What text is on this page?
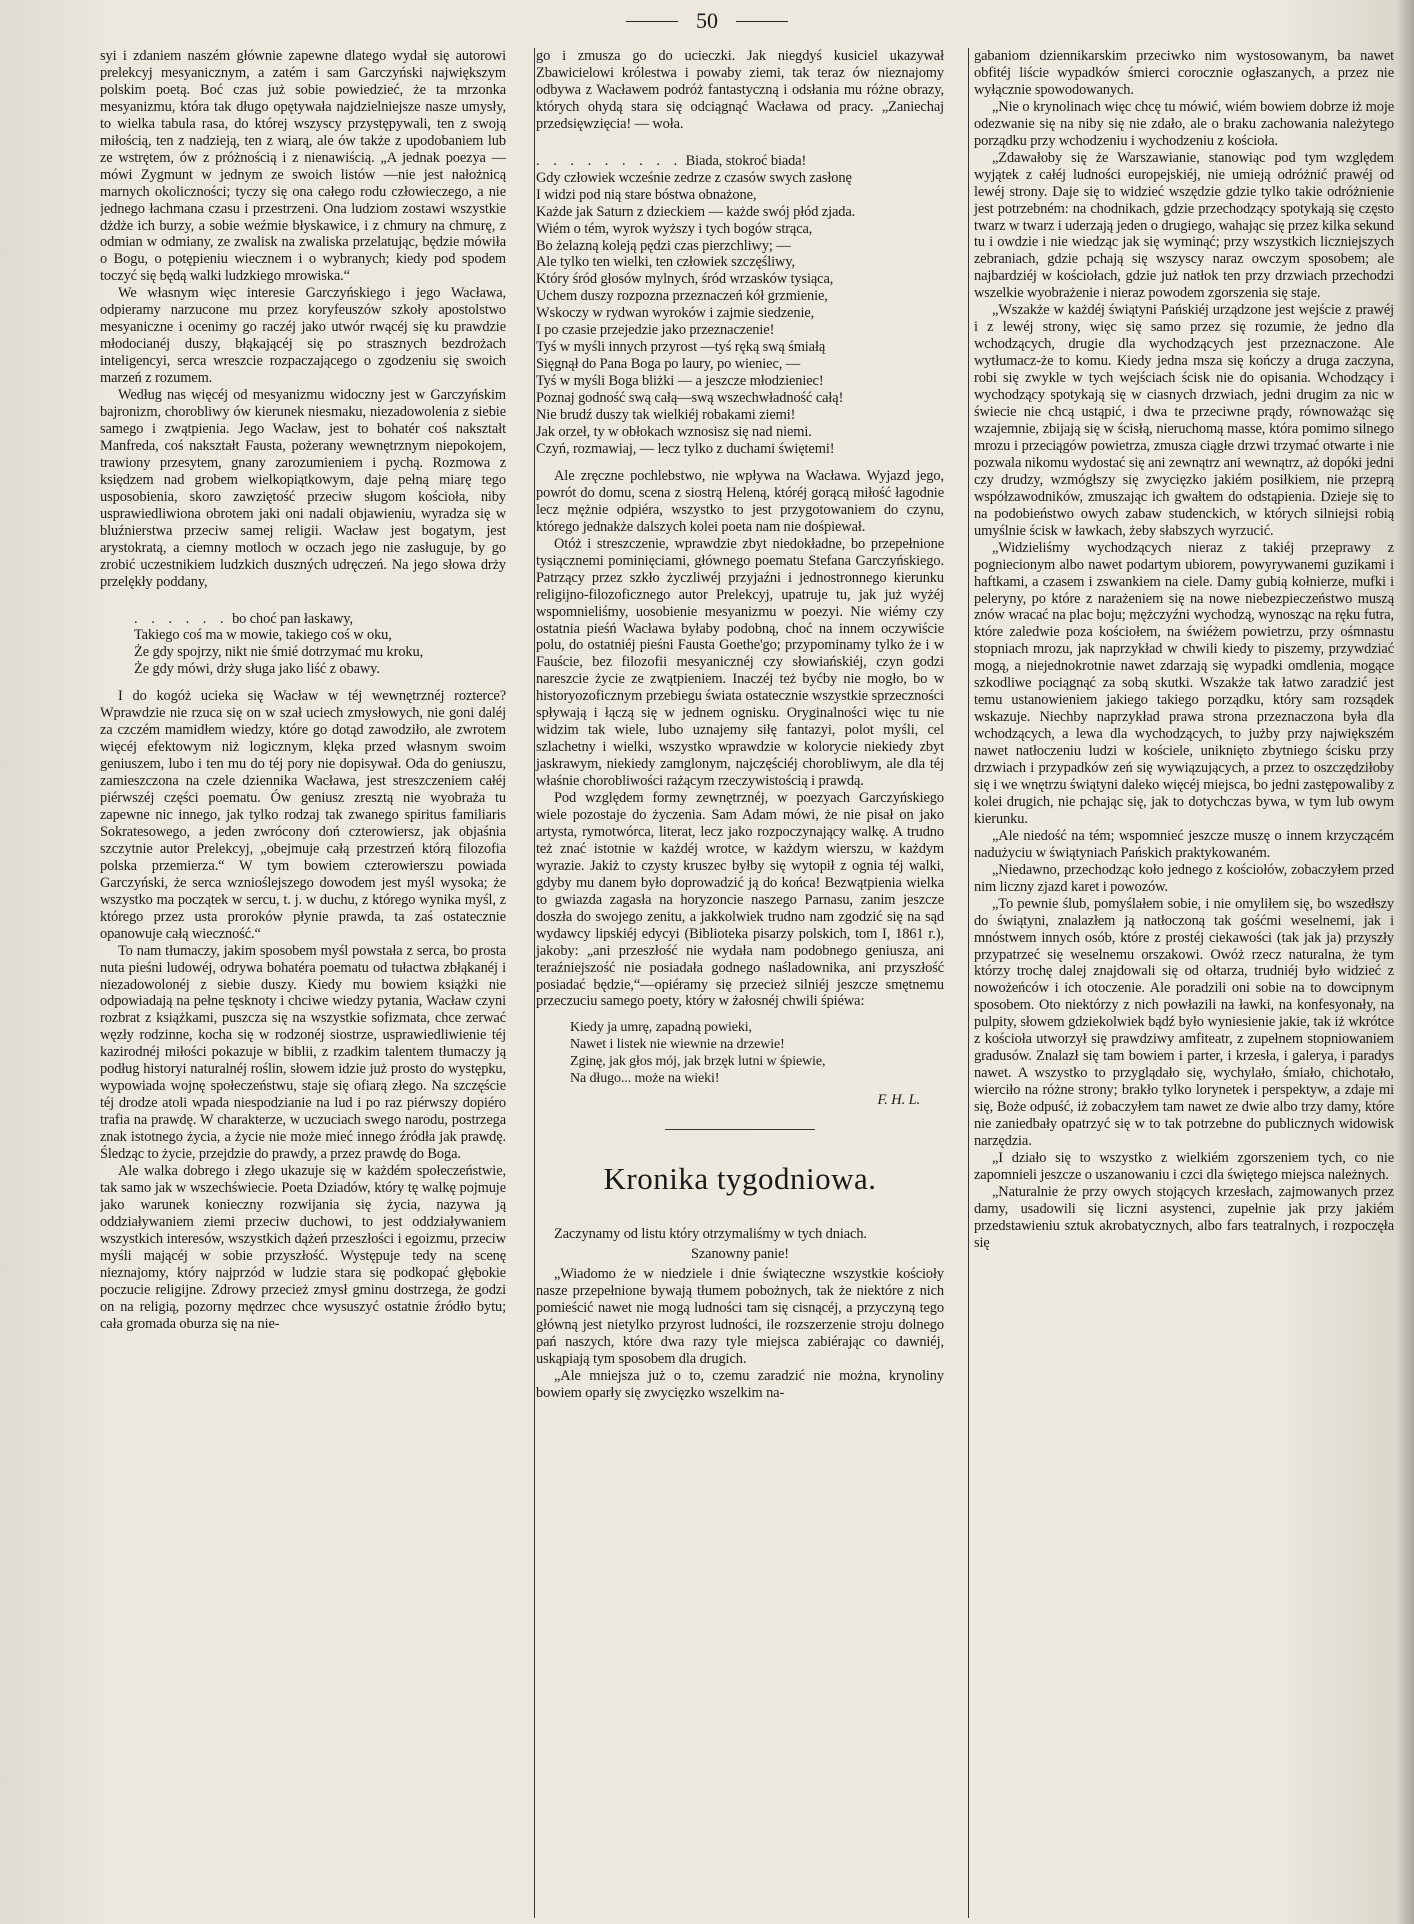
50

syi i zdaniem naszém głównie zapewne dlatego wydał się autorowi prelekcyj mesyanicznym, a zatém i sam Garczyński największym polskim poetą. Boć czas już sobie powiedzieć, że ta mrzonka mesyanizmu, która tak długo opętywała najdzielniejsze nasze umysły, to wielka tabula rasa, do której wszyscy przystępywali, ten z swoją miłością, ten z nadzieją, ten z wiarą, ale ów także z upodobaniem lub ze wstrętem, ów z próżnością i z nienawiścią. „A jednak poezya — mówi Zygmunt w jednym ze swoich listów —nie jest nałożnicą marnych okoliczności; tyczy się ona całego rodu człowieczego, a nie jednego łachmana czasu i przestrzeni. Ona ludziom zostawi wszystkie dżdże ich burzy, a sobie weźmie błyskawice, i z chmury na chmurę, z odmian w odmiany, ze zwalisk na zwaliska przelatując, będzie mówiła o Bogu, o potępieniu wiecznem i o wybranych; kiedy pod spodem toczyć się będą walki ludzkiego mrowiska.“

We własnym więc interesie Garczyńskiego i jego Wacława, odpieramy narzucone mu przez koryfeuszów szkoły apostolstwo mesyaniczne i ocenimy go raczéj jako utwór rwącéj się ku prawdzie młodocianéj duszy, błąkającéj się po strasznych bezdrożach inteligencyi, serca wreszcie rozpaczającego o zgodzeniu się swoich marzeń z rozumem.

Według nas więcéj od mesyanizmu widoczny jest w Garczyńskim bajronizm, chorobliwy ów kierunek niesmaku, niezadowolenia z siebie samego i zwątpienia. Jego Wacław, jest to bohatér coś nakształt Manfreda, coś nakształt Fausta, pożerany wewnętrznym niepokojem, trawiony przesytem, gnany zarozumieniem i pychą. Rozmowa z księdzem nad grobem wielkopiątkowym, daje pełną miarę tego usposobienia, skoro zawziętość przeciw sługom kościoła, niby usprawiedliwiona obrotem jaki oni nadali objawieniu, wyradza się w bluźnierstwa przeciw samej religii. Wacław jest bogatym, jest arystokratą, a ciemny motloch w oczach jego nie zasługuje, by go zrobić uczestnikiem ludzkich duszných udręczeń. Na jego słowa drży przelękły poddany,

. . . . . . bo choć pan łaskawy,
Takiego coś ma w mowie, takiego coś w oku,
Że gdy spojrzy, nikt nie śmié dotrzymać mu kroku,
Że gdy mówi, drży sługa jako liść z obawy.

I do kogóż ucieka się Wacław w téj wewnętrznéj rozterce? Wprawdzie nie rzuca się on w szał uciech zmysłowych, nie goni daléj za czczém mamidłem wiedzy, które go dotąd zawodziło, ale zwrotem więcéj efektowym niż logicznym, klęka przed własnym swoim geniuszem, lubo i ten mu do téj pory nie dopisywał. Oda do geniuszu, zamieszczona na czele dziennika Wacława, jest streszczeniem całéj piérwszéj części poematu. Ów geniusz zresztą nie wyobraża tu zapewne nic innego, jak tylko rodzaj tak zwanego spiritus familiaris Sokratesowego, a jeden zwrócony doń czterowiersz, jak objaśnia szczytnie autor Prelekcyj, „obejmuje całą przestrzeń którą filozofia polska przemierza.“ W tym bowiem czterowierszu powiada Garczyński, że serca wznioślejszego dowodem jest myśl wysoka; że wszystko ma początek w sercu, t. j. w duchu, z którego wynika myśl, z którego przez usta proroków płynie prawda, ta zaś ostatecznie opanowuje całą wieczność.“

To nam tłumaczy, jakim sposobem myśl powstała z serca, bo prosta nuta pieśni ludowéj, odrywa bohatéra poematu od tułactwa zbłąkanéj i niezadowolonéj z siebie duszy. Kiedy mu bowiem książki nie odpowiadają na pełne tęsknoty i chciwe wiedzy pytania, Wacław czyni rozbrat z książkami, puszcza się na wszystkie sofizmata, chce zerwać węzły rodzinne, kocha się w rodzonéj siostrze, usprawiedliwienie téj kazirodnéj miłości pokazuje w biblii, z rzadkim talentem tłumaczy ją podług historyi naturalnéj roślin, słowem idzie już prosto do występku, wypowiada wojnę społeczeństwu, staje się ofiarą złego. Na szczęście téj drodze atoli wpada niespodzianie na lud i po raz piérwszy dopiéro trafia na prawdę. W charakterze, w uczuciach swego narodu, postrzega znak istotnego życia, a życie nie może mieć innego źródła jak prawdę. Śledząc to życie, przejdzie do prawdy, a przez prawdę do Boga.

Ale walka dobrego i złego ukazuje się w każdém społeczeństwie, tak samo jak w wszechświecie. Poeta Dziadów, który tę walkę pojmuje jako warunek konieczny rozwijania się życia, nazywa ją oddziaływaniem ziemi przeciw duchowi, to jest oddziaływaniem wszystkich interesów, wszystkich dążeń przeszłości i egoizmu, przeciw myśli mającéj w sobie przyszłość. Występuje tedy na scenę nieznajomy, który najprzód w ludzie stara się podkopać głębokie poczucie religijne. Zdrowy przecież zmysł gminu dostrzega, że godzi on na religią, pozorny mędrzec chce wysuszyć ostatnie źródło bytu; cała gromada oburza się na nie-

go i zmusza go do ucieczki. Jak niegdyś kusiciel ukazywał Zbawicielowi królestwa i powaby ziemi, tak teraz ów nieznajomy odbywa z Wacławem podróż fantastyczną i odsłania mu różne obrazy, których ohydą stara się odciągnąć Wacława od pracy. „Zaniechaj przedsięwzięcia! — woła.

. . . . . . . . . Biada, stokroć biada!
Gdy człowiek wcześnie zedrze z czasów swych zasłonę
I widzi pod nią stare bóstwa obnażone,
Każde jak Saturn z dzieckiem — każde swój płód zjada.
Wiém o tém, wyrok wyższy i tych bogów strąca,
Bo żelazną koleją pędzi czas pierzchliwy; —
Ale tylko ten wielki, ten człowiek szczęśliwy,
Który śród głosów mylnych, śród wrzasków tysiąca,
Uchem duszy rozpozna przeznaczeń kół grzmienie,
Wskoczy w rydwan wyroków i zajmie siedzenie,
I po czasie przejedzie jako przeznaczenie!
Tyś w myśli innych przyrost —tyś ręką swą śmiałą
Sięgnął do Pana Boga po laury, po wieniec, —
Tyś w myśli Boga bliżki — a jeszcze młodzieniec!
Poznaj godność swą całą—swą wszechwładność całą!
Nie brudź duszy tak wielkiéj robakami ziemi!
Jak orzeł, ty w obłokach wznosisz się nad niemi.
Czyń, rozmawiaj, — lecz tylko z duchami świętemi!

Ale zręczne pochlebstwo, nie wpływa na Wacława. Wyjazd jego, powrót do domu, scena z siostrą Heleną, któréj gorącą miłość łagodnie lecz mężnie odpiéra, wszystko to jest przygotowaniem do czynu, którego jednakże dalszych kolei poeta nam nie dośpiewał.

Otóż i streszczenie, wprawdzie zbyt niedokładne, bo przepełnione tysiącznemi pominięciami, głównego poematu Stefana Garczyńskiego. Patrzący przez szkło życzliwéj przyjaźni i jednostronnego kierunku religijno-filozoficznego autor Prelekcyj, upatruje tu, jak już wyżéj wspomnieliśmy, uosobienie mesyanizmu w poezyi. Nie wiémy czy ostatnia pieśń Wacława byłaby podobną, choć na innem oczywiście polu, do ostatniéj pieśni Fausta Goethe'go; przypominamy tylko że i w Fauście, bez filozofii mesyanicznéj czy słowiańskiéj, czyn godzi nareszcie życie ze zwątpieniem. Inaczéj też byćby nie mogło, bo w historyozoficznym przebiegu świata ostatecznie wszystkie sprzeczności spływają i łączą się w jednem ognisku. Oryginalności więc tu nie widzim tak wiele, lubo uznajemy siłę fantazyi, polot myśli, cel szlachetny i wielki, wszystko wprawdzie w kolorycie niekiedy zbyt jaskrawym, niekiedy zamglonym, najczęściéj chorobliwym, ale dla téj właśnie chorobliwości rażącym rzeczywistością i prawdą.

Pod względem formy zewnętrznéj, w poezyach Garczyńskiego wiele pozostaje do życzenia. Sam Adam mówi, że nie pisał on jako artysta, rymotwórca, literat, lecz jako rozpoczynający walkę. A trudno też znać istotnie w każdéj wrotce, w każdym wierszu, w każdym wyrazie. Jakiż to czysty kruszec byłby się wytopił z ognia téj walki, gdyby mu danem było doprowadzić ją do końca! Bezwątpienia wielka to gwiazda zagasła na horyzoncie naszego Parnasu, zanim jeszcze doszła do swojego zenitu, a jakkolwiek trudno nam zgodzić się na sąd wydawcy lipskiéj edycyi (Biblioteka pisarzy polskich, tom I, 1861 r.), jakoby: „ani przeszłość nie wydała nam podobnego geniusza, ani teraźniejszość nie posiadała godnego naśladownika, ani przyszłość posiadać będzie,“—opiéramy się przecież silniéj jeszcze smętnemu przeczuciu samego poety, który w żałosnéj chwili śpiéwa:

Kiedy ja umrę, zapadną powieki,
Nawet i listek nie wiewnie na drzewie!
Zginę, jak głos mój, jak brzęk lutni w śpiewie,
Na długo... może na wieki!
F. H. L.
Kronika tygodniowa.

Zaczynamy od listu który otrzymaliśmy w tych dniach.

Szanowny panie!

„Wiadomo że w niedziele i dnie świąteczne wszystkie kościoły nasze przepełnione bywają tłumem pobożnych, tak że niektóre z nich pomieścić nawet nie mogą ludności tam się cisnącéj, a przyczyną tego główną jest nietylko przyrost ludności, ile rozszerzenie stroju dolnego pań naszych, które dwa razy tyle miejsca zabiérając co dawniéj, uskąpiają tym sposobem dla drugich.

„Ale mniejsza już o to, czemu zaradzić nie można, krynoliny bowiem oparły się zwycięzko wszelkim na-

gabaniom dziennikarskim przeciwko nim wystosowanym, ba nawet obfitéj liście wypadków śmierci corocznie ogłaszanych, a przez nie wyłącznie spowodowanych.

„Nie o krynolinach więc chcę tu mówić, wiém bowiem dobrze iż moje odezwanie się na niby się nie zdało, ale o braku zachowania należytego porządku przy wchodzeniu i wychodzeniu z kościoła.

„Zdawałoby się że Warszawianie, stanowiąc pod tym względem wyjątek z całéj ludności europejskiéj, nie umieją odróżnić prawéj od lewéj strony. Daje się to widzieć wszędzie gdzie tylko takie odróżnienie jest potrzebném: na chodnikach, gdzie przechodzący spotykają się często twarz w twarz i uderzają jeden o drugiego, wahając się przez kilka sekund tu i owdzie i nie wiedząc jak się wyminąć; przy wszystkich liczniejszych zebraniach, gdzie pchają się wszyscy naraz owczym sposobem; ale najbardziéj w kościołach, gdzie już natłok ten przy drzwiach przechodzi wszelkie wyobrażenie i nieraz powodem zgorszenia się staje.

„Wszakże w każdéj świątyni Pańskiéj urządzone jest wejście z prawéj i z lewéj strony, więc się samo przez się rozumie, że jedno dla wchodzących, drugie dla wychodzących jest przeznaczone. Ale wytłumacz-że to komu. Kiedy jedna msza się kończy a druga zaczyna, robi się zwykle w tych wejściach ścisk nie do opisania. Wchodzący i wychodzący spotykają się w ciasnych drzwiach, jedni drugim za nic w świecie nie chcą ustąpić, i dwa te przeciwne prądy, równoważąc się wzajemnie, zbijają się w ścisłą, nieruchomą masse, która pomimo silnego mrozu i przeciągów powietrza, zmusza ciągłe drzwi trzymać otwarte i nie pozwala nikomu wydostać się ani zewnątrz ani wewnątrz, aż dopóki jedni czy drudzy, wzmógłszy się zwycięzko jakiém posiłkiem, nie przeprą współzawodników, zmuszając ich gwałtem do odstąpienia. Dzieje się to na podobieństwo owych zabaw studenckich, w których silniejsi robią umyślnie ścisk w ławkach, żeby słabszych wyrzucić.

„Widzieliśmy wychodzących nieraz z takiéj przeprawy z pogniecionym albo nawet podartym ubiorem, powyrywanemi guzikami i haftkami, a czasem i zswankiem na ciele. Damy gubią kołnierze, mufki i peleryny, po które z narażeniem się na nowe niebezpieczeństwo muszą znów wracać na plac boju; mężczyźni wychodzą, wynosząc na ręku futra, które zaledwie poza kościołem, na świéżem powietrzu, przy ośmnastu stopniach mrozu, jak naprzykład w chwili kiedy to piszemy, przywdziać mogą, a niejednokrotnie nawet zdarzają się wypadki omdlenia, mogące szkodliwe pociągnąć za sobą skutki. Wszakże tak łatwo zaradzić jest temu ustanowieniem jakiego takiego porządku, który sam rozsądek wskazuje. Niechby naprzykład prawa strona przeznaczona była dla wchodzących, a lewa dla wychodzących, to jużby przy największém nawet natłoczeniu ludzi w kościele, uniknięto zbytniego ścisku przy drzwiach i przypadków zeń się wywiązujących, a przez to oszczędziłoby się i we wnętrzu świątyni daleko więcéj miejsca, bo jedni zastępowaliby z kolei drugich, nie pchając się, jak to dotychczas bywa, w tym lub owym kierunku.

„Ale niedość na tém; wspomnieć jeszcze muszę o innem krzyczącém nadużyciu w świątyniach Pańskich praktykowaném.

„Niedawno, przechodząc koło jednego z kościołów, zobaczyłem przed nim liczny zjazd karet i powozów.

„To pewnie ślub, pomyślałem sobie, i nie omyliłem się, bo wszedłszy do świątyni, znalazłem ją natłoczoną tak gośćmi weselnemi, jak i mnóstwem innych osób, które z prostéj ciekawości (tak jak ja) przyszły przypatrzeć się weselnemu orszakowi. Owóż rzecz naturalna, że tym którzy trochę dalej znajdowali się od ołtarza, trudniéj było widzieć z nowożeńców i ich otoczenie. Ale poradzili oni sobie na to dowcipnym sposobem. Oto niektórzy z nich powłazili na ławki, na konfesyonały, na pulpity, słowem gdziekolwiek bądź było wyniesienie jakie, tak iż wkrótce z kościoła utworzył się prawdziwy amfiteatr, z zupełnem stopniowaniem gradusów. Znalazł się tam bowiem i parter, i krzesła, i galerya, i paradys nawet. A wszystko to przyglądało się, wychylało, śmiało, chichotało, wierciło na różne strony; brakło tylko lorynetek i perspektyw, a zdaje mi się, Boże odpuść, iż zobaczyłem tam nawet ze dwie albo trzy damy, które nie zaniedbały opatrzyć się w to tak potrzebne do publicznych widowisk narzędzia.

„I działo się to wszystko z wielkiém zgorszeniem tych, co nie zapomnieli jeszcze o uszanowaniu i czci dla świętego miejsca należnych.

„Naturalnie że przy owych stojących krzesłach, zajmowanych przez damy, usadowili się liczni asystenci, zupełnie jak przy jakiém przedstawieniu sztuk akrobatycznych, albo fars teatralnych, i rozpoczęła się
